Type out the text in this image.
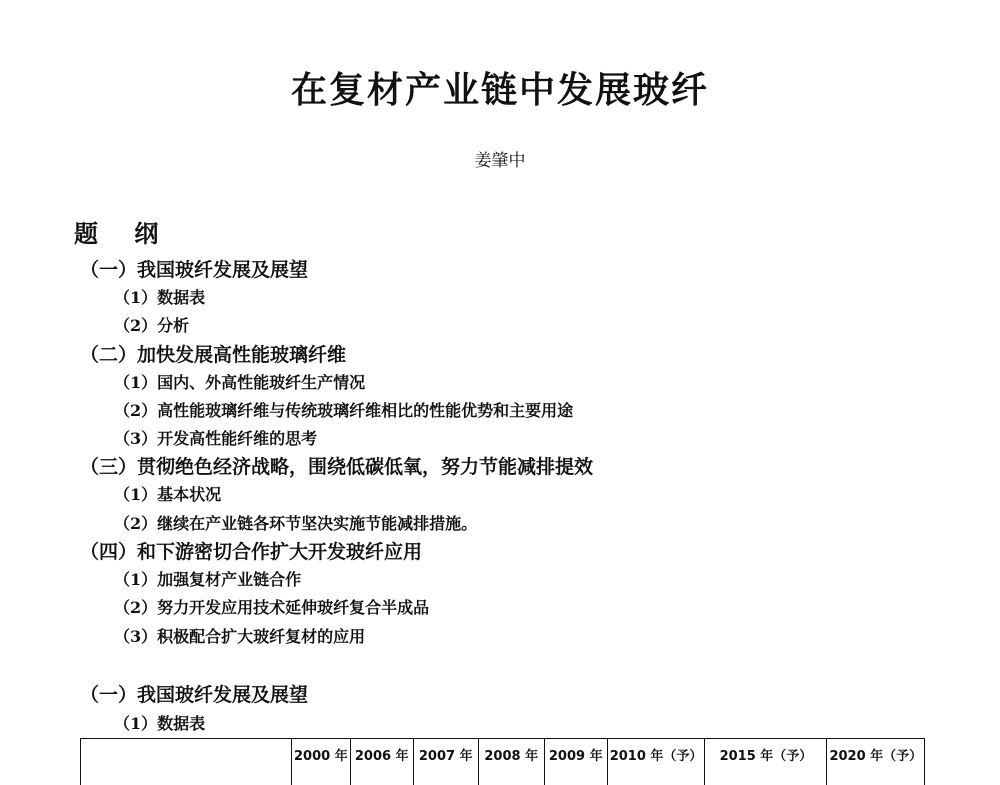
在复材产业链中发展玻纤
姜肇中
题 纲
（一）我国玻纤发展及展望
（1）数据表
（2）分析
（二）加快发展高性能玻璃纤维
（1）国内、外高性能玻纤生产情况
（2）高性能玻璃纤维与传统玻璃纤维相比的性能优势和主要用途
（3）开发高性能纤维的思考
（三）贯彻绝色经济战略，围绕低碳低氧，努力节能减排提效
（1）基本状况
（2）继续在产业链各环节坚决实施节能减排措施。
（四）和下游密切合作扩大开发玻纤应用
（1）加强复材产业链合作
（2）努力开发应用技术延伸玻纤复合半成品
（3）积极配合扩大玻纤复材的应用
（一）我国玻纤发展及展望
（1）数据表
	2000 年	2006 年	2007 年	2008 年	2009 年	2010 年（予）	2015 年（予）	2020 年（予）
